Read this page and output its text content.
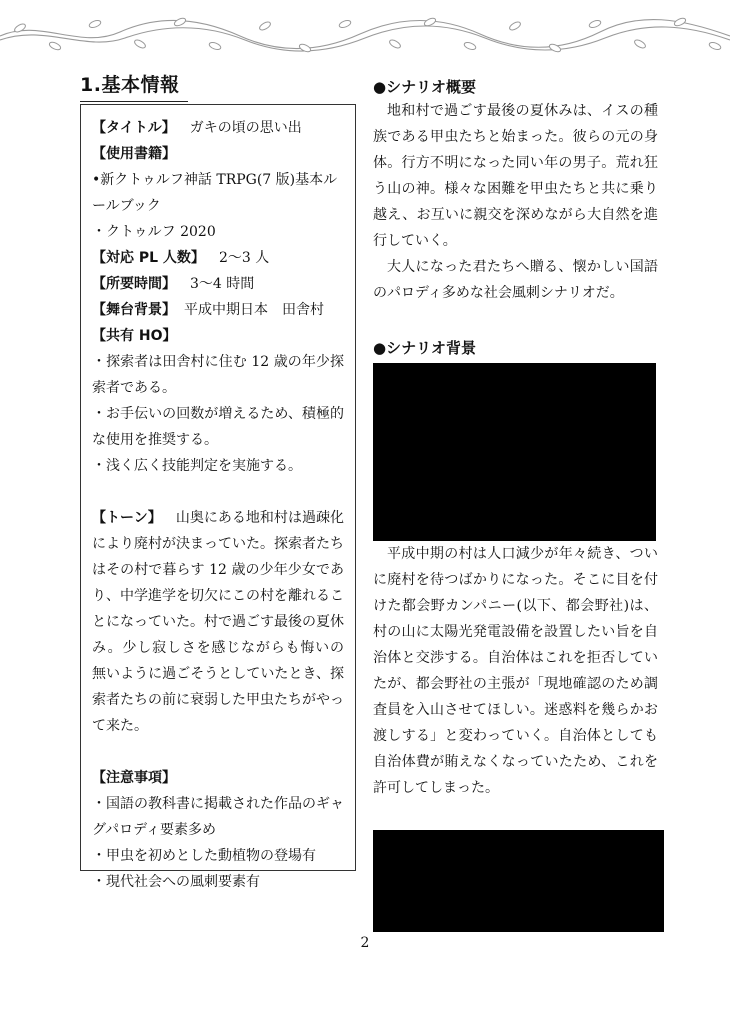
1.基本情報

【タイトル】 ガキの頃の思い出

【使用書籍】

•新クトゥルフ神話 TRPG(7 版)基本ルールブック

・クトゥルフ 2020

【対応 PL 人数】 2〜3 人

【所要時間】 3〜4 時間

【舞台背景】 平成中期日本　田舎村

【共有 HO】

・探索者は田舎村に住む 12 歳の年少探索者である。

・お手伝いの回数が増えるため、積極的な使用を推奨する。

・浅く広く技能判定を実施する。

【トーン】 山奥にある地和村は過疎化により廃村が決まっていた。探索者たちはその村で暮らす 12 歳の少年少女であり、中学進学を切欠にこの村を離れることになっていた。村で過ごす最後の夏休み。少し寂しさを感じながらも悔いの無いように過ごそうとしていたとき、探索者たちの前に衰弱した甲虫たちがやって来た。

【注意事項】

・国語の教科書に掲載された作品のギャグパロディ要素多め

・甲虫を初めとした動植物の登場有

・現代社会への風刺要素有

●シナリオ概要

地和村で過ごす最後の夏休みは、イスの種族である甲虫たちと始まった。彼らの元の身体。行方不明になった同い年の男子。荒れ狂う山の神。様々な困難を甲虫たちと共に乗り越え、お互いに親交を深めながら大自然を進行していく。

大人になった君たちへ贈る、懐かしい国語のパロディ多めな社会風刺シナリオだ。

●シナリオ背景

平成中期の村は人口減少が年々続き、ついに廃村を待つばかりになった。そこに目を付けた都会野カンパニー(以下、都会野社)は、村の山に太陽光発電設備を設置したい旨を自治体と交渉する。自治体はこれを拒否していたが、都会野社の主張が「現地確認のため調査員を入山させてほしい。迷惑料を幾らかお渡しする」と変わっていく。自治体としても自治体費が賄えなくなっていたため、これを許可してしまった。

2
